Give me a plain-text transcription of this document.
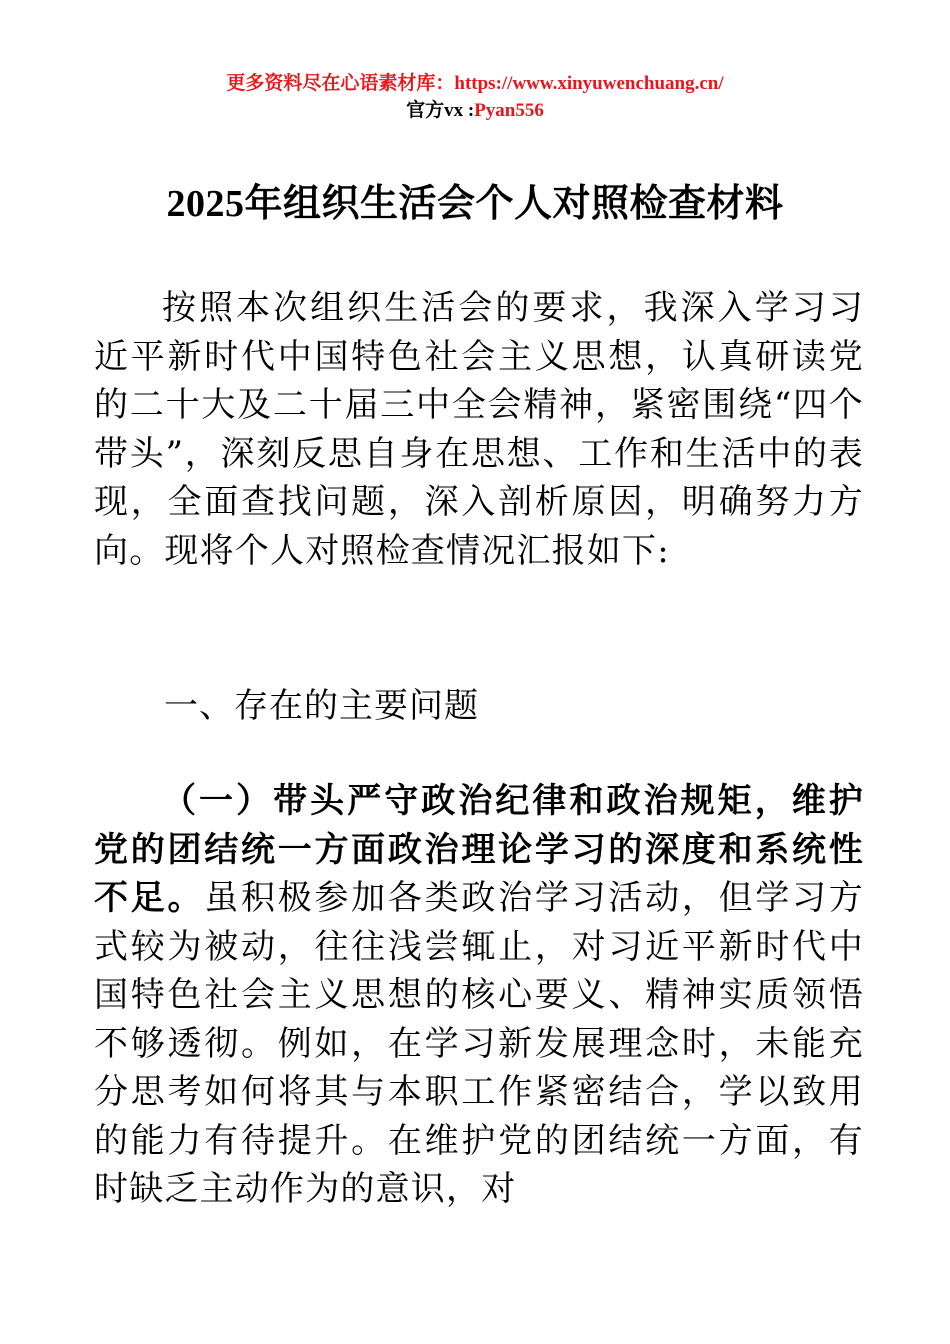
更多资料尽在心语素材库：https://www.xinyuwenchuang.cn/
官方vx :Pyan556
2025年组织生活会个人对照检查材料

按照本次组织生活会的要求，我深入学习习近平新时代中国特色社会主义思想，认真研读党的二十大及二十届三中全会精神，紧密围绕“四个带头”，深刻反思自身在思想、工作和生活中的表现，全面查找问题，深入剖析原因，明确努力方向。现将个人对照检查情况汇报如下:

一、存在的主要问题

（一）带头严守政治纪律和政治规矩，维护党的团结统一方面政治理论学习的深度和系统性不足。虽积极参加各类政治学习活动，但学习方式较为被动，往往浅尝辄止，对习近平新时代中国特色社会主义思想的核心要义、精神实质领悟不够透彻。例如，在学习新发展理念时，未能充分思考如何将其与本职工作紧密结合，学以致用的能力有待提升。在维护党的团结统一方面，有时缺乏主动作为的意识，对
